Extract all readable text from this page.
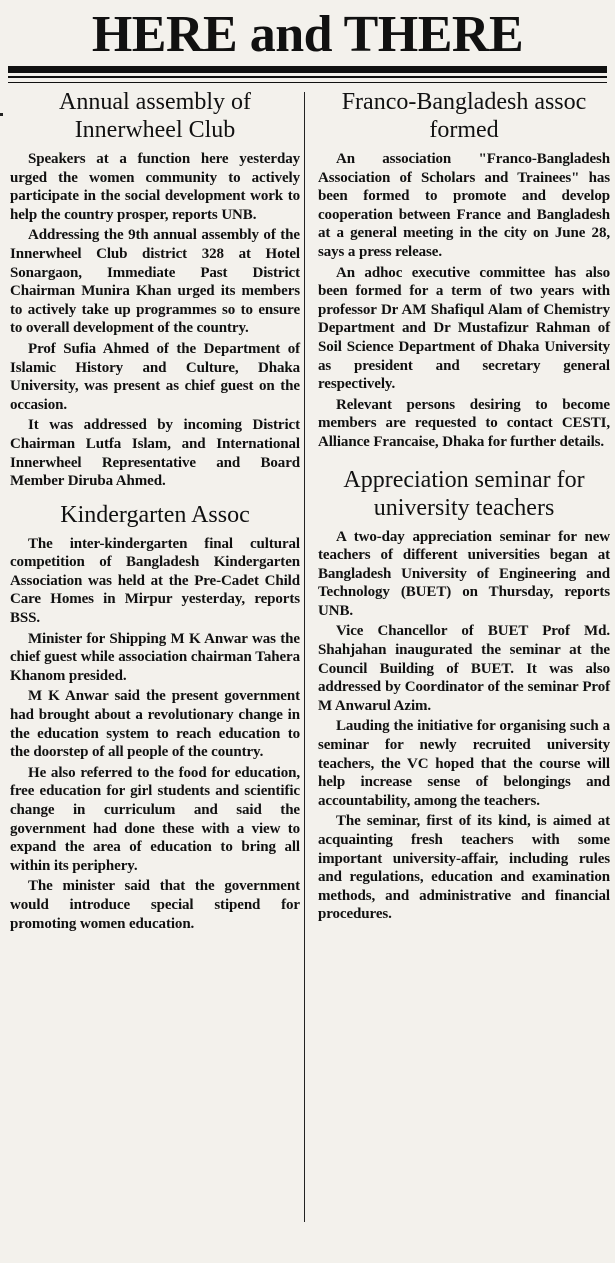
HERE and THERE
Annual assembly of Innerwheel Club

Speakers at a function here yesterday urged the women community to actively participate in the social development work to help the country prosper, reports UNB.

Addressing the 9th annual assembly of the Innerwheel Club district 328 at Hotel Sonargaon, Immediate Past District Chairman Munira Khan urged its members to actively take up programmes so to ensure to overall development of the country.

Prof Sufia Ahmed of the Department of Islamic History and Culture, Dhaka University, was present as chief guest on the occasion.

It was addressed by incoming District Chairman Lutfa Islam, and International Innerwheel Representative and Board Member Diruba Ahmed.

Kindergarten Assoc

The inter-kindergarten final cultural competition of Bangladesh Kindergarten Association was held at the Pre-Cadet Child Care Homes in Mirpur yesterday, reports BSS.

Minister for Shipping M K Anwar was the chief guest while association chairman Tahera Khanom presided.

M K Anwar said the present government had brought about a revolutionary change in the education system to reach education to the doorstep of all people of the country.

He also referred to the food for education, free education for girl students and scientific change in curriculum and said the government had done these with a view to expand the area of education to bring all within its periphery.

The minister said that the government would introduce special stipend for promoting women education.

Franco-Bangladesh assoc formed

An association "Franco-Bangladesh Association of Scholars and Trainees" has been formed to promote and develop cooperation between France and Bangladesh at a general meeting in the city on June 28, says a press release.

An adhoc executive committee has also been formed for a term of two years with professor Dr AM Shafiqul Alam of Chemistry Department and Dr Mustafizur Rahman of Soil Science Department of Dhaka University as president and secretary general respectively.

Relevant persons desiring to become members are requested to contact CESTI, Alliance Francaise, Dhaka for further details.

Appreciation seminar for university teachers

A two-day appreciation seminar for new teachers of different universities began at Bangladesh University of Engineering and Technology (BUET) on Thursday, reports UNB.

Vice Chancellor of BUET Prof Md. Shahjahan inaugurated the seminar at the Council Building of BUET. It was also addressed by Coordinator of the seminar Prof M Anwarul Azim.

Lauding the initiative for organising such a seminar for newly recruited university teachers, the VC hoped that the course will help increase sense of belongings and accountability, among the teachers.

The seminar, first of its kind, is aimed at acquainting fresh teachers with some important university-affair, including rules and regulations, education and examination methods, and administrative and financial procedures.
